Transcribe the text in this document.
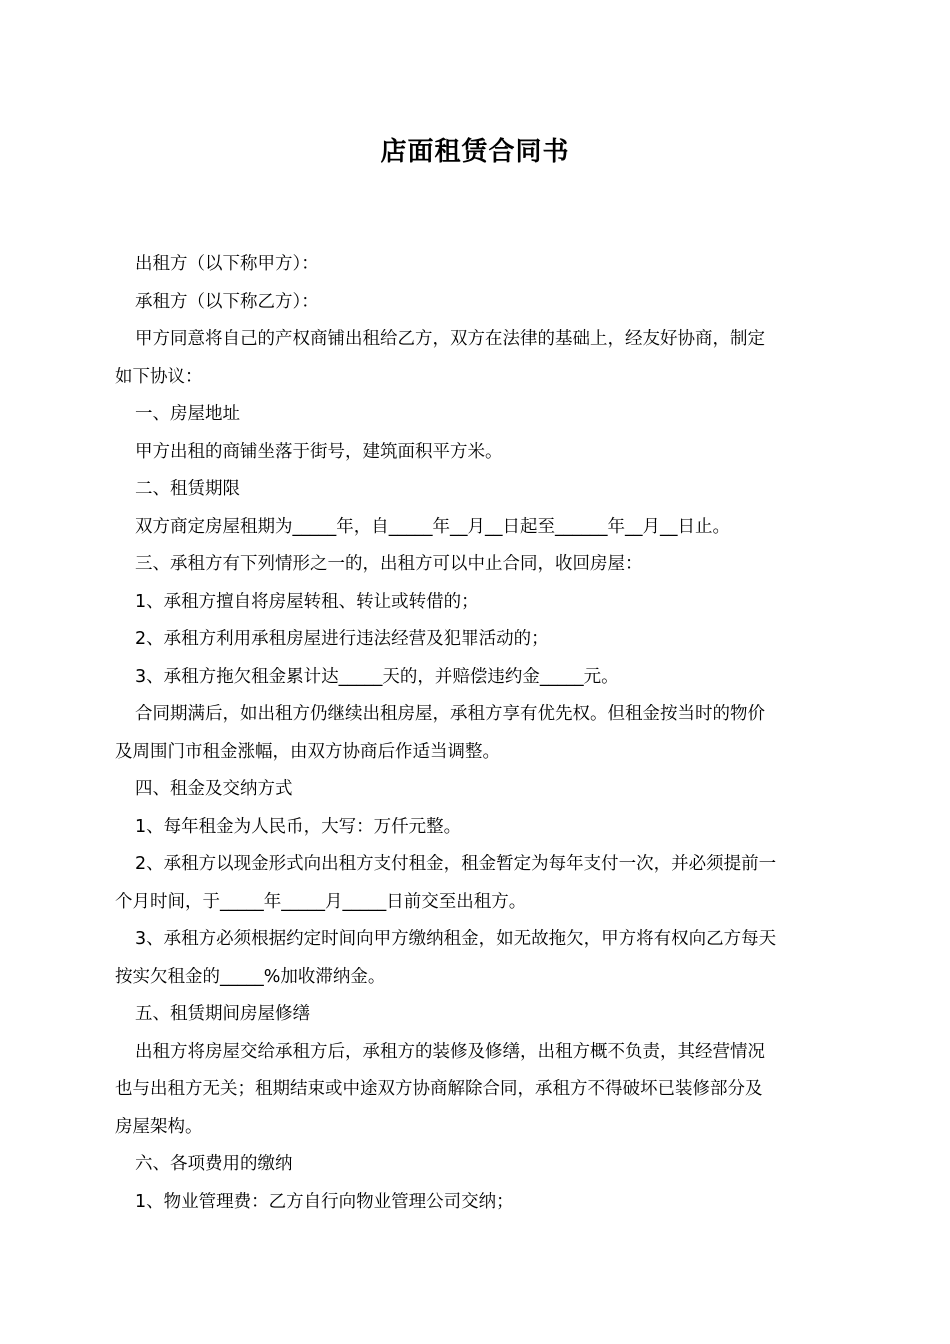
店面租赁合同书
出租方（以下称甲方）：
承租方（以下称乙方）：
甲方同意将自己的产权商铺出租给乙方，双方在法律的基础上，经友好协商，制定
如下协议：
一、房屋地址
甲方出租的商铺坐落于街号，建筑面积平方米。
二、租赁期限
双方商定房屋租期为_____年，自_____年__月__日起至______年__月__日止。
三、承租方有下列情形之一的，出租方可以中止合同，收回房屋：
1、承租方擅自将房屋转租、转让或转借的；
2、承租方利用承租房屋进行违法经营及犯罪活动的；
3、承租方拖欠租金累计达_____天的，并赔偿违约金_____元。
合同期满后，如出租方仍继续出租房屋，承租方享有优先权。但租金按当时的物价
及周围门市租金涨幅，由双方协商后作适当调整。
四、租金及交纳方式
1、每年租金为人民币，大写：万仟元整。
2、承租方以现金形式向出租方支付租金，租金暂定为每年支付一次，并必须提前一
个月时间，于_____年_____月_____日前交至出租方。
3、承租方必须根据约定时间向甲方缴纳租金，如无故拖欠，甲方将有权向乙方每天
按实欠租金的_____%加收滞纳金。
五、租赁期间房屋修缮
出租方将房屋交给承租方后，承租方的装修及修缮，出租方概不负责，其经营情况
也与出租方无关；租期结束或中途双方协商解除合同，承租方不得破坏已装修部分及
房屋架构。
六、各项费用的缴纳
1、物业管理费：乙方自行向物业管理公司交纳；
